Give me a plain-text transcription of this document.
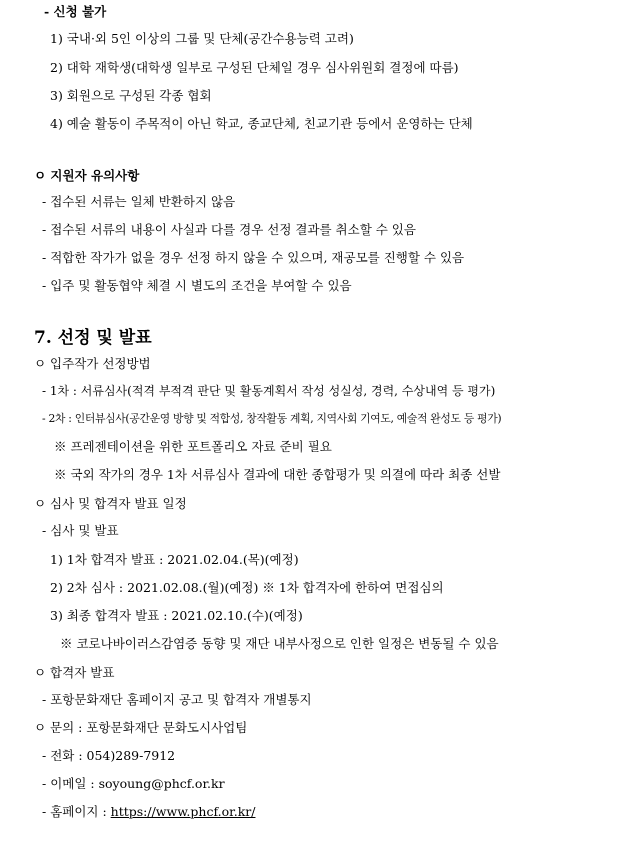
- 신청 불가
1) 국내·외 5인 이상의 그룹 및 단체(공간수용능력 고려)
2) 대학 재학생(대학생 일부로 구성된 단체일 경우 심사위원회 결정에 따름)
3) 회원으로 구성된 각종 협회
4) 예술 활동이 주목적이 아닌 학교, 종교단체, 친교기관 등에서 운영하는 단체
ㅇ 지원자 유의사항
- 접수된 서류는 일체 반환하지 않음
- 접수된 서류의 내용이 사실과 다를 경우 선정 결과를 취소할 수 있음
- 적합한 작가가 없을 경우 선정 하지 않을 수 있으며, 재공모를 진행할 수 있음
- 입주 및 활동협약 체결 시 별도의 조건을 부여할 수 있음
7. 선정 및 발표
ㅇ 입주작가 선정방법
- 1차 : 서류심사(적격 부적격 판단 및 활동계획서 작성 성실성, 경력, 수상내역 등 평가)
- 2차 : 인터뷰심사(공간운영 방향 및 적합성, 창작활동 계획, 지역사회 기여도, 예술적 완성도 등 평가)
※ 프레젠테이션을 위한 포트폴리오 자료 준비 필요
※ 국외 작가의 경우 1차 서류심사 결과에 대한 종합평가 및 의결에 따라 최종 선발
ㅇ 심사 및 합격자 발표 일정
- 심사 및 발표
1) 1차 합격자 발표 : 2021.02.04.(목)(예정)
2) 2차 심사 : 2021.02.08.(월)(예정) ※ 1차 합격자에 한하여 면접심의
3) 최종 합격자 발표 : 2021.02.10.(수)(예정)
※ 코로나바이러스감염증 동향 및 재단 내부사정으로 인한 일정은 변동될 수 있음
ㅇ 합격자 발표
- 포항문화재단 홈페이지 공고 및 합격자 개별통지
ㅇ 문의 : 포항문화재단 문화도시사업팀
- 전화 : 054)289-7912
- 이메일 : soyoung@phcf.or.kr
- 홈페이지 : https://www.phcf.or.kr/
